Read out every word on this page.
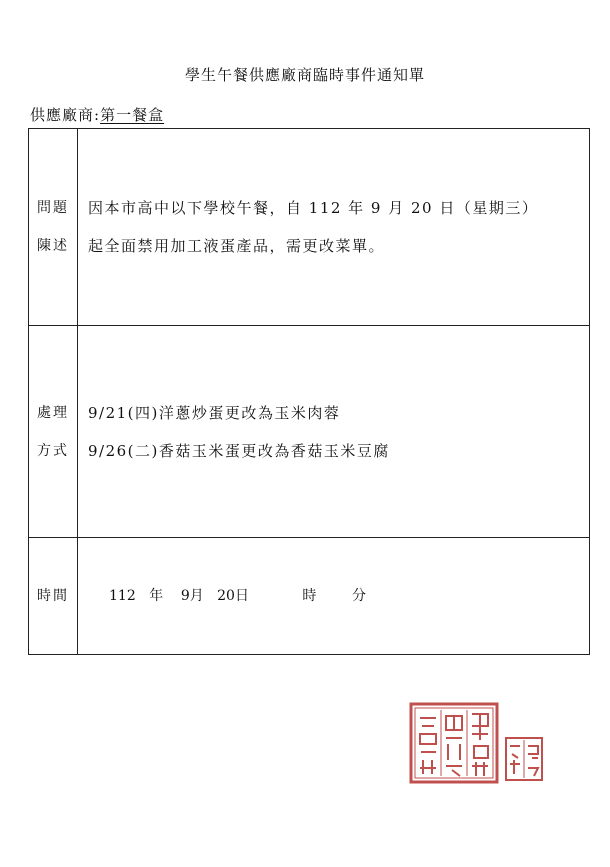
學生午餐供應廠商臨時事件通知單
供應廠商:第一餐盒
問題
陳述
因本市高中以下學校午餐，自 112 年 9 月 20 日（星期三）
起全面禁用加工液蛋產品，需更改菜單。
處理
方式
9/21(四)洋蔥炒蛋更改為玉米肉蓉
9/26(二)香菇玉米蛋更改為香菇玉米豆腐
時間	112   年    9月   20日            時        分
